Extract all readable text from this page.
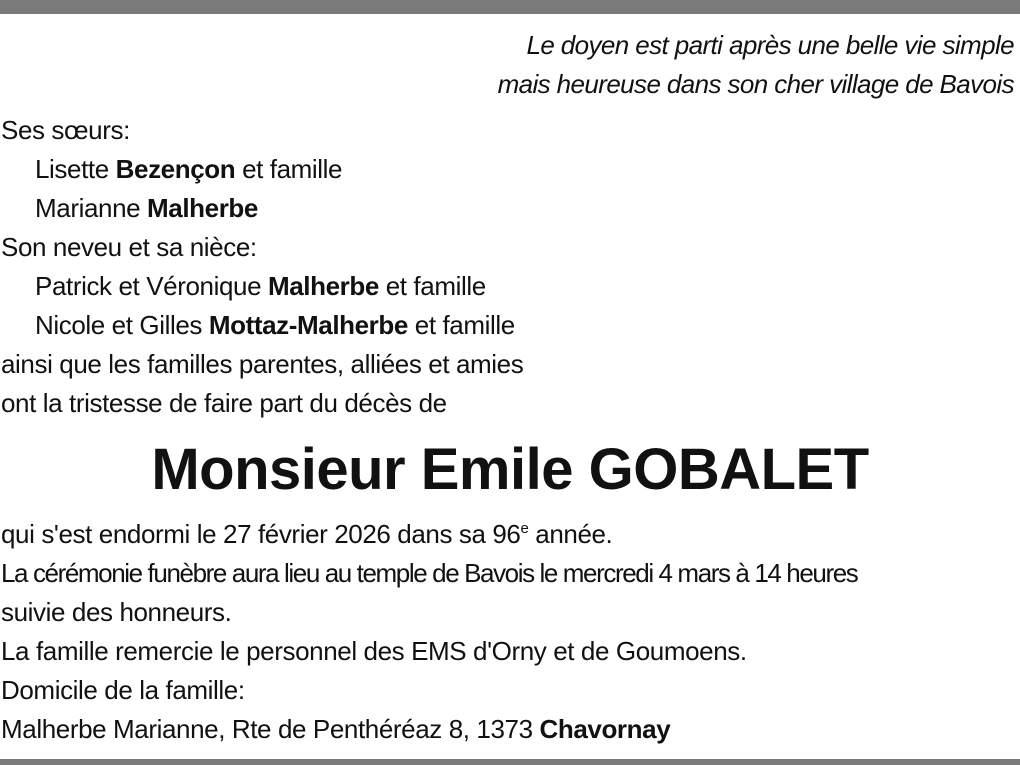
Le doyen est parti après une belle vie simple
mais heureuse dans son cher village de Bavois
Ses sœurs:
Lisette Bezençon et famille
Marianne Malherbe
Son neveu et sa nièce:
Patrick et Véronique Malherbe et famille
Nicole et Gilles Mottaz-Malherbe et famille
ainsi que les familles parentes, alliées et amies
ont la tristesse de faire part du décès de
Monsieur Emile GOBALET
qui s'est endormi le 27 février 2026 dans sa 96e année.
La cérémonie funèbre aura lieu au temple de Bavois le mercredi 4 mars à 14 heures
suivie des honneurs.
La famille remercie le personnel des EMS d'Orny et de Goumoens.
Domicile de la famille:
Malherbe Marianne, Rte de Penthéréaz 8, 1373 Chavornay
